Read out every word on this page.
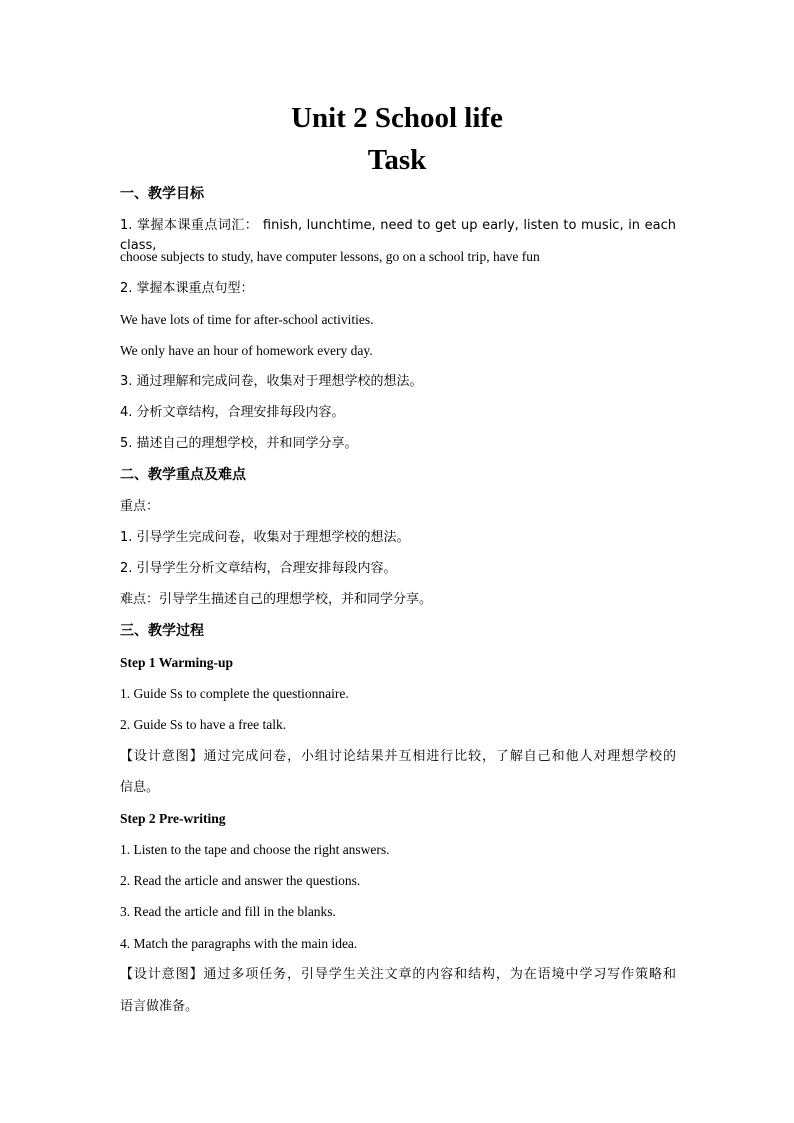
Unit 2 School life
Task
一、教学目标
1. 掌握本课重点词汇： finish, lunchtime, need to get up early, listen to music, in each class,
choose subjects to study, have computer lessons, go on a school trip, have fun
2. 掌握本课重点句型：
We have lots of time for after-school activities.
We only have an hour of homework every day.
3. 通过理解和完成问卷，收集对于理想学校的想法。
4. 分析文章结构，合理安排每段内容。
5. 描述自己的理想学校，并和同学分享。
二、教学重点及难点
重点：
1. 引导学生完成问卷，收集对于理想学校的想法。
2. 引导学生分析文章结构，合理安排每段内容。
难点：引导学生描述自己的理想学校，并和同学分享。
三、教学过程
Step 1 Warming-up
1. Guide Ss to complete the questionnaire.
2. Guide Ss to have a free talk.
【设计意图】通过完成问卷，小组讨论结果并互相进行比较，了解自己和他人对理想学校的
信息。
Step 2 Pre-writing
1. Listen to the tape and choose the right answers.
2. Read the article and answer the questions.
3. Read the article and fill in the blanks.
4. Match the paragraphs with the main idea.
【设计意图】通过多项任务，引导学生关注文章的内容和结构，为在语境中学习写作策略和
语言做准备。
